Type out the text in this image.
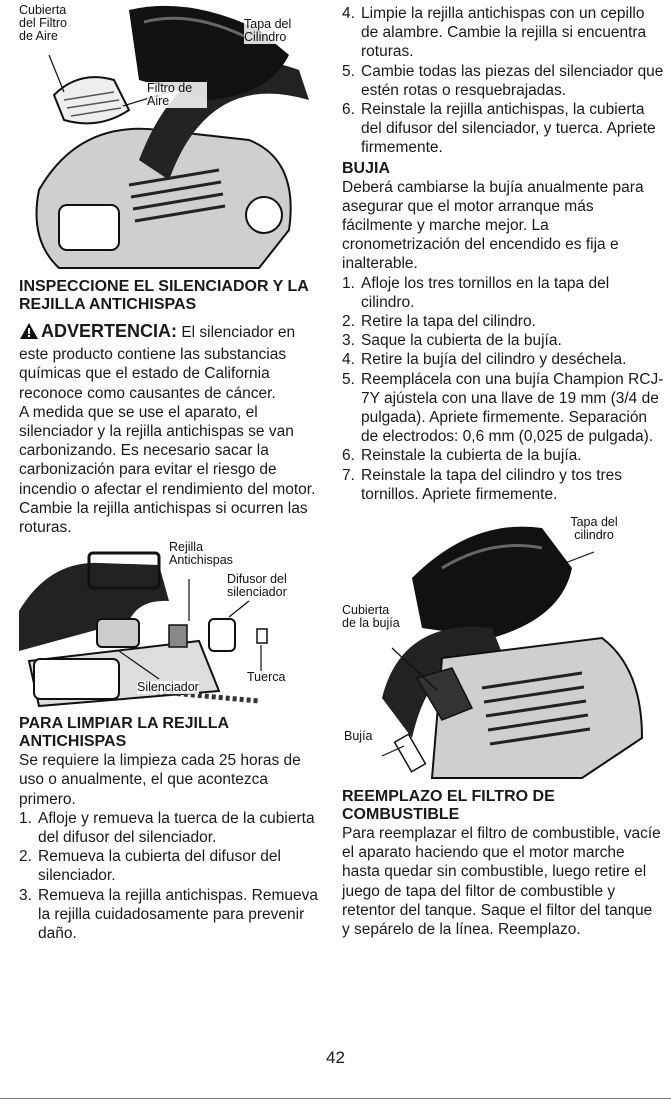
Cubierta del Filtro de Aire
Tapa del Cilindro
Filtro de Aire
INSPECCIONE EL SILENCIADOR Y LA REJILLA ANTICHISPAS

ADVERTENCIA: El silenciador en este producto contiene las substancias químicas que el estado de California reconoce como causantes de cáncer.

A medida que se use el aparato, el silenciador y la rejilla antichispas se van carbonizando. Es necesario sacar la carbonización para evitar el riesgo de incendio o afectar el rendimiento del motor.

Cambie la rejilla antichispas si ocurren las roturas.

Rejilla Antichispas
Difusor del silenciador
Tuerca
Silenciador
PARA LIMPIAR LA REJILLA ANTICHISPAS

Se requiere la limpieza cada 25 horas de uso o anualmente, el que acontezca primero.

1. Afloje y remueva la tuerca de la cubierta del difusor del silenciador.
2. Remueva la cubierta del difusor del silenciador.
3. Remueva la rejilla antichispas. Remueva la rejilla cuidadosamente para prevenir daño.
4. Limpie la rejilla antichispas con un cepillo de alambre. Cambie la rejilla si encuentra roturas.
5. Cambie todas las piezas del silenciador que estén rotas o resquebrajadas.
6. Reinstale la rejilla antichispas, la cubierta del difusor del silenciador, y tuerca. Apriete firmemente.
BUJIA

Deberá cambiarse la bujía anualmente para asegurar que el motor arranque más fácilmente y marche mejor. La cronometrización del encendido es fija e inalterable.

1. Afloje los tres tornillos en la tapa del cilindro.
2. Retire la tapa del cilindro.
3. Saque la cubierta de la bujía.
4. Retire la bujía del cilindro y deséchela.
5. Reemplácela con una bujía Champion RCJ-7Y ajústela con una llave de 19 mm (3/4 de pulgada). Apriete firmemente. Separación de electrodos: 0,6 mm (0,025 de pulgada).
6. Reinstale la cubierta de la bujía.
7. Reinstale la tapa del cilindro y tos tres tornillos. Apriete firmemente.
Tapa del cilindro
Cubierta de la bujía
Bujía
REEMPLAZO EL FILTRO DE COMBUSTIBLE

Para reemplazar el filtro de combustible, vacíe el aparato haciendo que el motor marche hasta quedar sin combustible, luego retire el juego de tapa del filtor de combustible y retentor del tanque. Saque el filtor del tanque y sepárelo de la línea. Reemplazo.

42
